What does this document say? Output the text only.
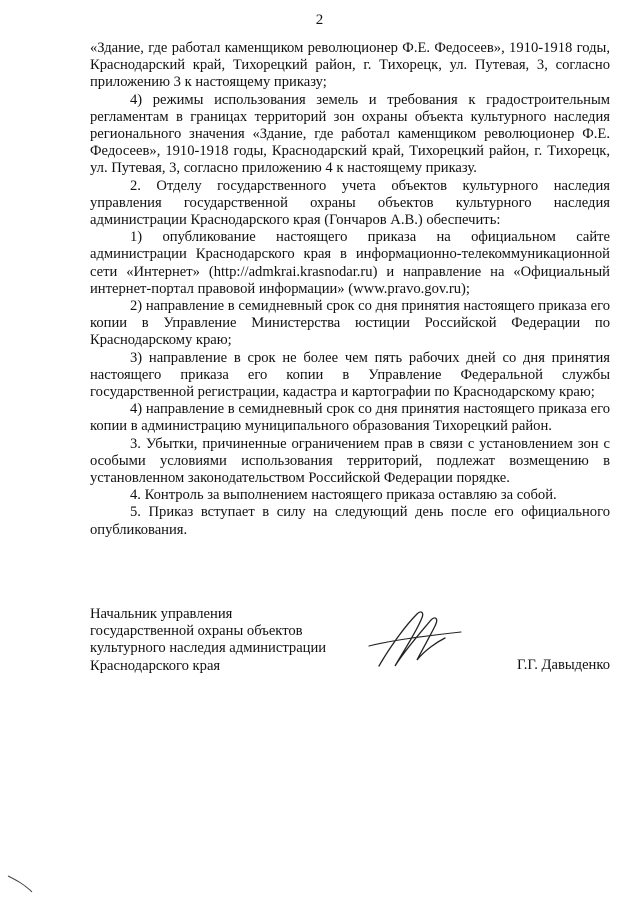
2

«Здание, где работал каменщиком революционер Ф.Е. Федосеев», 1910-1918 годы, Краснодарский край, Тихорецкий район, г. Тихорецк, ул. Путевая, 3, согласно приложению 3 к настоящему приказу;

4) режимы использования земель и требования к градостроительным регламентам в границах территорий зон охраны объекта культурного наследия регионального значения «Здание, где работал каменщиком революционер Ф.Е. Федосеев», 1910-1918 годы, Краснодарский край, Тихорецкий район, г. Тихорецк, ул. Путевая, 3, согласно приложению 4 к настоящему приказу.

2. Отделу государственного учета объектов культурного наследия управления государственной охраны объектов культурного наследия администрации Краснодарского края (Гончаров А.В.) обеспечить:

1) опубликование настоящего приказа на официальном сайте администрации Краснодарского края в информационно-телекоммуникационной сети «Интернет» (http://admkrai.krasnodar.ru) и направление на «Официальный интернет-портал правовой информации» (www.pravo.gov.ru);

2) направление в семидневный срок со дня принятия настоящего приказа его копии в Управление Министерства юстиции Российской Федерации по Краснодарскому краю;

3) направление в срок не более чем пять рабочих дней со дня принятия настоящего приказа его копии в Управление Федеральной службы государственной регистрации, кадастра и картографии по Краснодарскому краю;

4) направление в семидневный срок со дня принятия настоящего приказа его копии в администрацию муниципального образования Тихорецкий район.

3. Убытки, причиненные ограничением прав в связи с установлением зон с особыми условиями использования территорий, подлежат возмещению в установленном законодательством Российской Федерации порядке.

4. Контроль за выполнением настоящего приказа оставляю за собой.

5. Приказ вступает в силу на следующий день после его официального опубликования.

Начальник управления
государственной охраны объектов
культурного наследия администрации
Краснодарского края	Г.Г. Давыденко
